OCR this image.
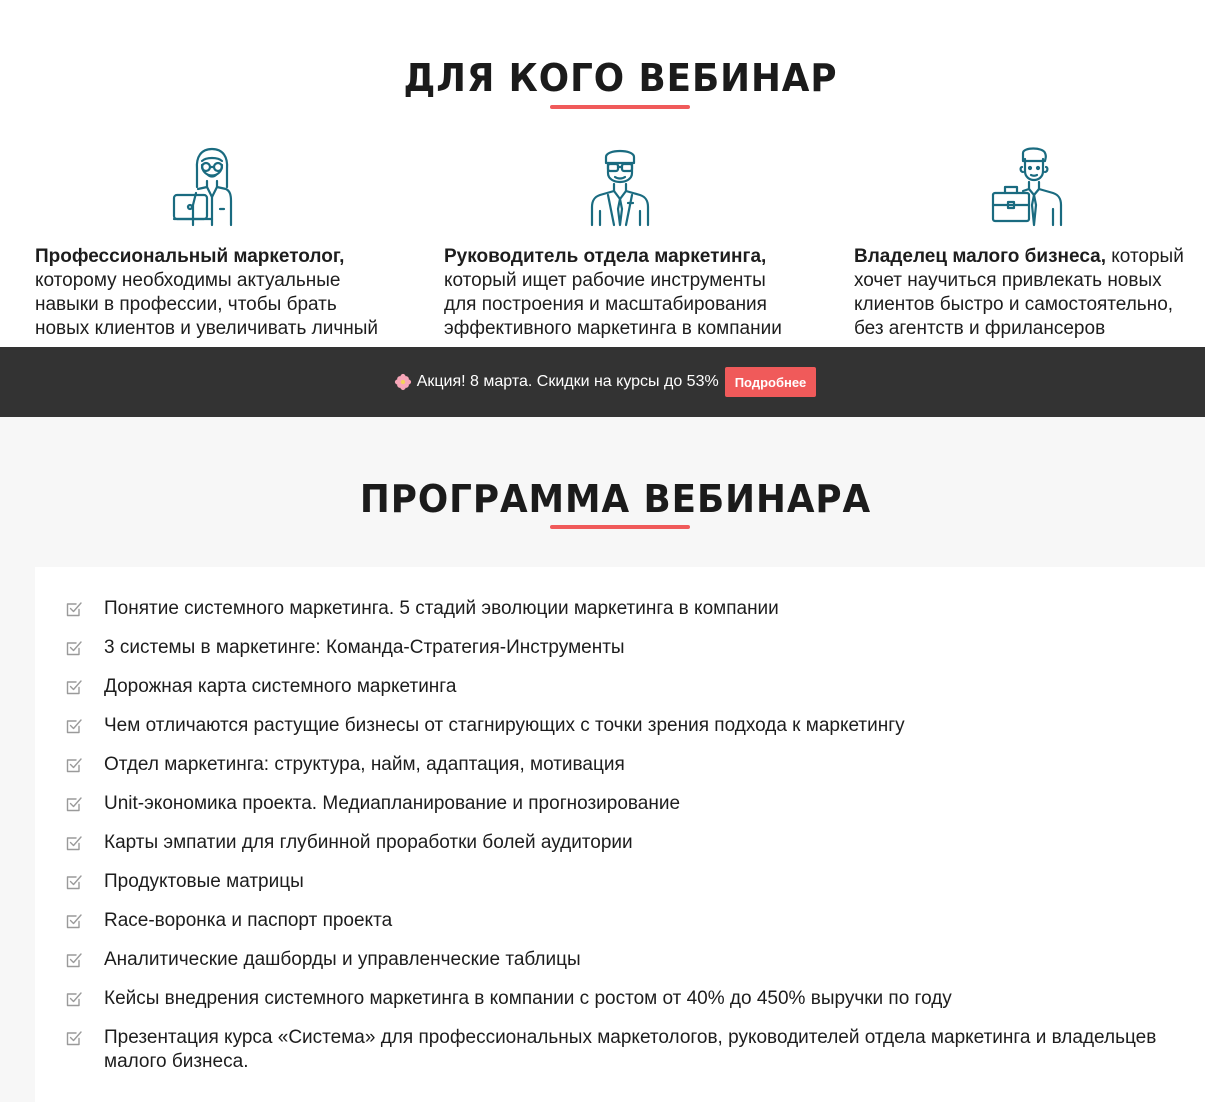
ДЛЯ КОГО ВЕБИНАР

Профессиональный маркетолог, которому необходимы актуальные навыки в профессии, чтобы брать новых клиентов и увеличивать личный

Руководитель отдела маркетинга, который ищет рабочие инструменты для построения и масштабирования эффективного маркетинга в компании

Владелец малого бизнеса, который хочет научиться привлекать новых клиентов быстро и самостоятельно, без агентств и фрилансеров

Акция! 8 марта. Скидки на курсы до 53%	Подробнее
ПРОГРАММА ВЕБИНАРА
Понятие системного маркетинга. 5 стадий эволюции маркетинга в компании
3 системы в маркетинге: Команда-Стратегия-Инструменты
Дорожная карта системного маркетинга
Чем отличаются растущие бизнесы от стагнирующих с точки зрения подхода к маркетингу
Отдел маркетинга: структура, найм, адаптация, мотивация
Unit-экономика проекта. Медиапланирование и прогнозирование
Карты эмпатии для глубинной проработки болей аудитории
Продуктовые матрицы
Race-воронка и паспорт проекта
Аналитические дашборды и управленческие таблицы
Кейсы внедрения системного маркетинга в компании с ростом от 40% до 450% выручки по году
Презентация курса «Система» для профессиональных маркетологов, руководителей отдела маркетинга и владельцев малого бизнеса.
